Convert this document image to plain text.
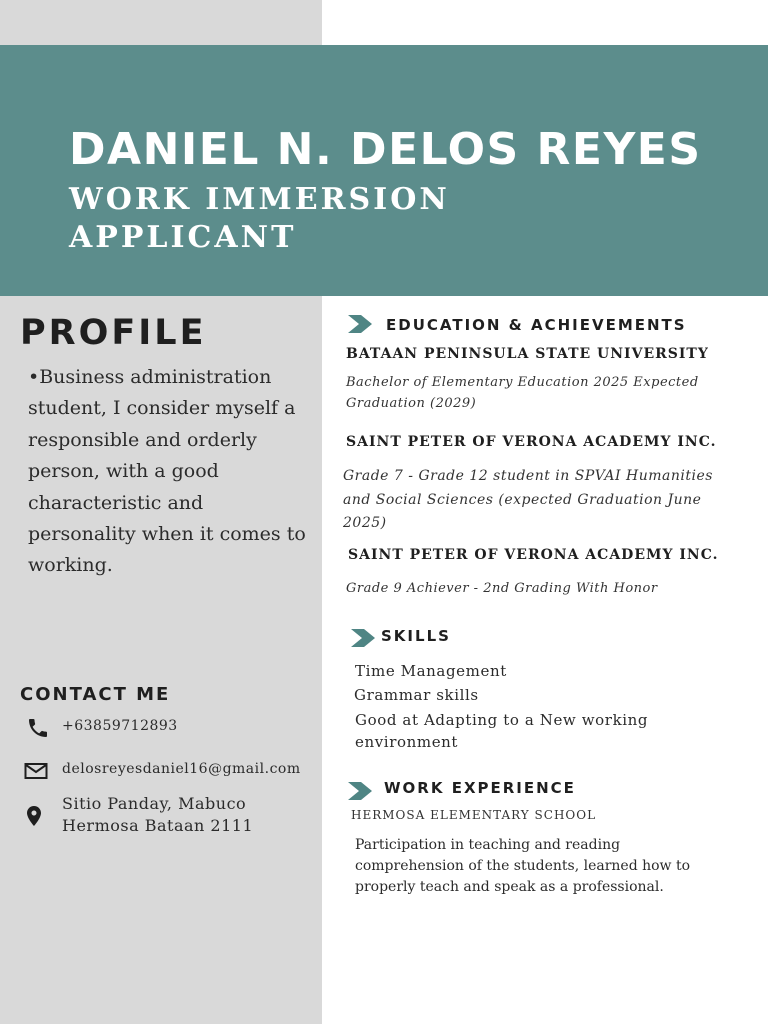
DANIEL N. DELOS REYES
WORK IMMERSION
APPLICANT
PROFILE
•Business administration student, I consider myself a responsible and orderly person, with a good characteristic and personality when it comes to working.
CONTACT ME
+63859712893
delosreyesdaniel16@gmail.com
Sitio Panday, Mabuco
Hermosa Bataan 2111
EDUCATION & ACHIEVEMENTS
BATAAN PENINSULA STATE UNIVERSITY
Bachelor of Elementary Education 2025 Expected Graduation (2029)
SAINT PETER OF VERONA ACADEMY INC.
Grade 7 - Grade 12 student in SPVAI Humanities and Social Sciences (expected Graduation June 2025)
SAINT PETER OF VERONA ACADEMY INC.
Grade 9 Achiever - 2nd Grading With Honor
SKILLS
Time Management
Grammar skills
Good at Adapting to a New working environment
WORK EXPERIENCE
HERMOSA ELEMENTARY SCHOOL
Participation in teaching and reading comprehension of the students, learned how to properly teach and speak as a professional.
